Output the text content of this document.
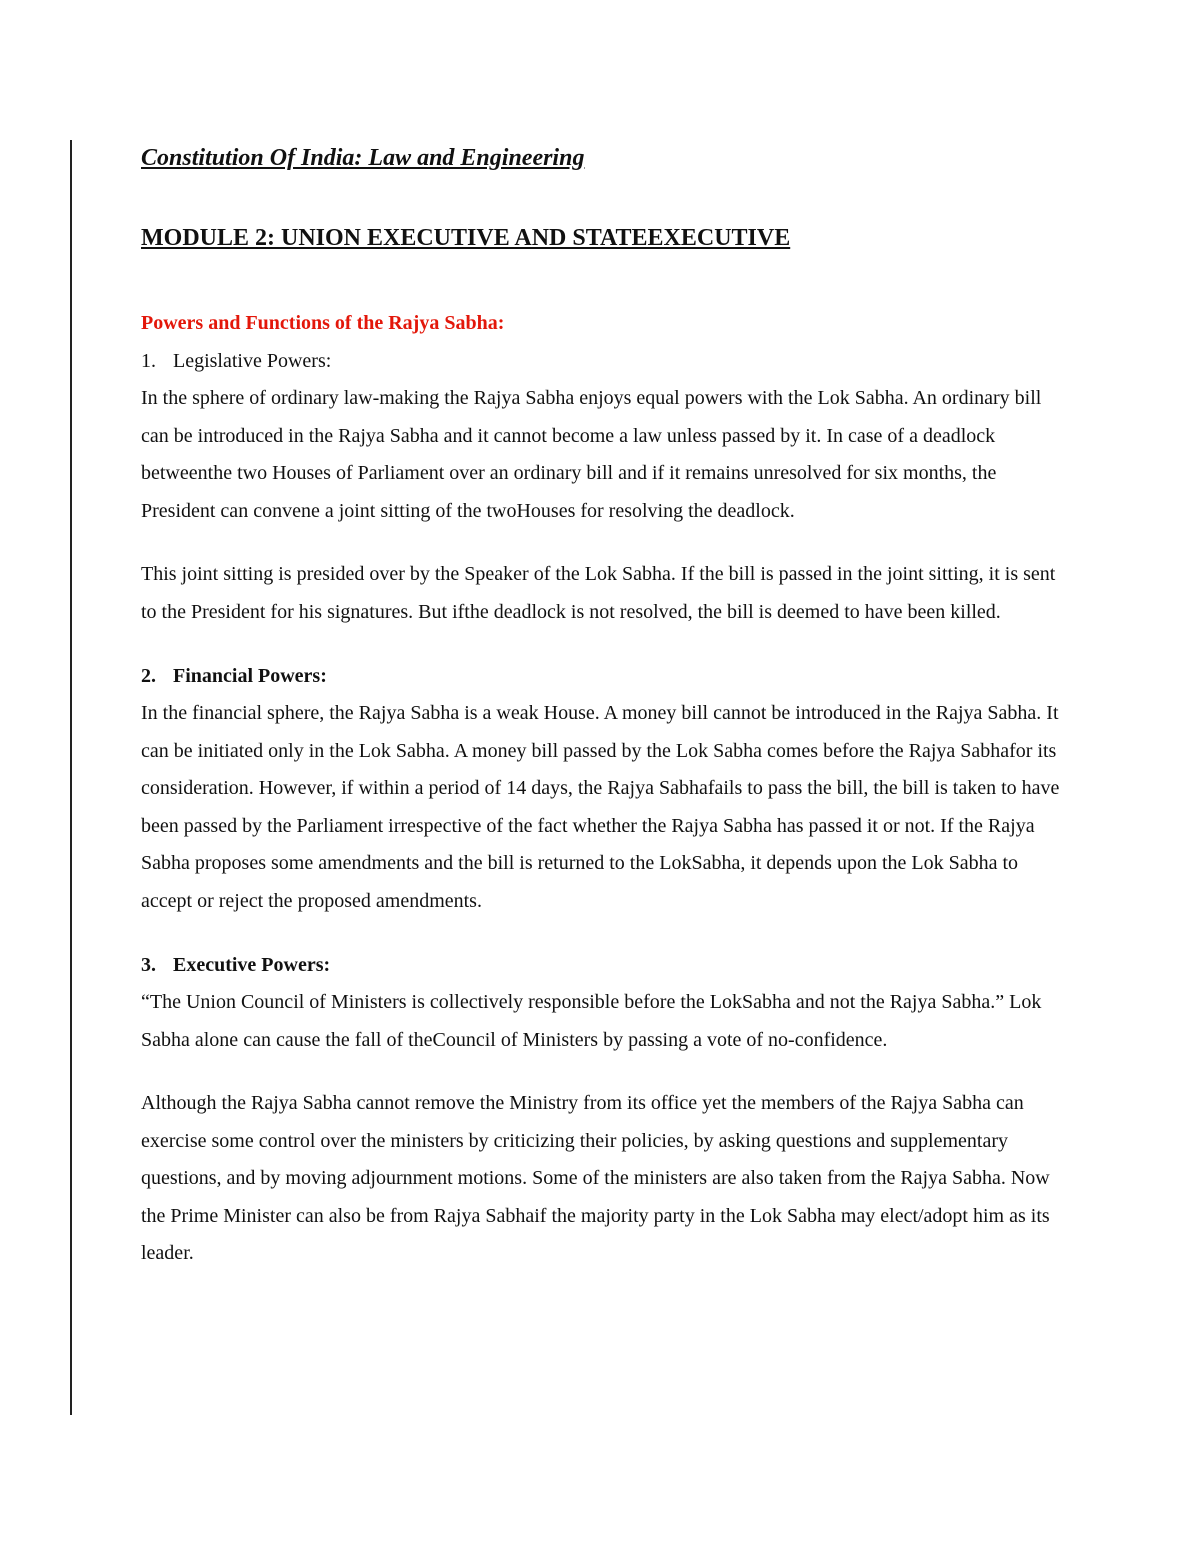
Constitution Of India: Law and Engineering
MODULE 2: UNION EXECUTIVE AND STATEEXECUTIVE
Powers and Functions of the Rajya Sabha:
1. Legislative Powers:

In the sphere of ordinary law-making the Rajya Sabha enjoys equal powers with the Lok Sabha. An ordinary bill can be introduced in the Rajya Sabha and it cannot become a law unless passed by it. In case of a deadlock betweenthe two Houses of Parliament over an ordinary bill and if it remains unresolved for six months, the President can convene a joint sitting of the twoHouses for resolving the deadlock.

This joint sitting is presided over by the Speaker of the Lok Sabha. If the bill is passed in the joint sitting, it is sent to the President for his signatures. But ifthe deadlock is not resolved, the bill is deemed to have been killed.

2. Financial Powers:

In the financial sphere, the Rajya Sabha is a weak House. A money bill cannot be introduced in the Rajya Sabha. It can be initiated only in the Lok Sabha. A money bill passed by the Lok Sabha comes before the Rajya Sabhafor its consideration. However, if within a period of 14 days, the Rajya Sabhafails to pass the bill, the bill is taken to have been passed by the Parliament irrespective of the fact whether the Rajya Sabha has passed it or not. If the Rajya Sabha proposes some amendments and the bill is returned to the LokSabha, it depends upon the Lok Sabha to accept or reject the proposed amendments.

3. Executive Powers:

“The Union Council of Ministers is collectively responsible before the LokSabha and not the Rajya Sabha.” Lok Sabha alone can cause the fall of theCouncil of Ministers by passing a vote of no-confidence.

Although the Rajya Sabha cannot remove the Ministry from its office yet the members of the Rajya Sabha can exercise some control over the ministers by criticizing their policies, by asking questions and supplementary questions, and by moving adjournment motions. Some of the ministers are also taken from the Rajya Sabha. Now the Prime Minister can also be from Rajya Sabhaif the majority party in the Lok Sabha may elect/adopt him as its leader.
